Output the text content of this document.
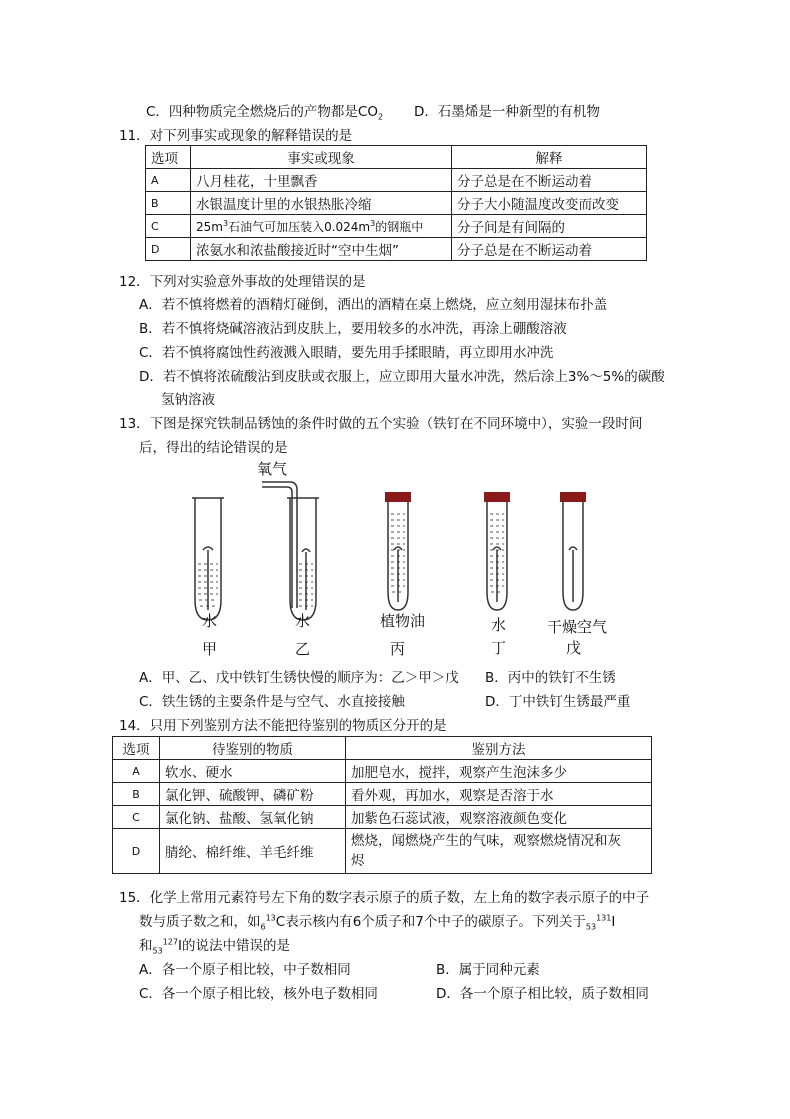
C．四种物质完全燃烧后的产物都是$CO_2$ D．石墨烯是一种新型的有机物
11．对下列事实或现象的解释错误的是
选项	事实或现象	解释
A	八月桂花，十里飘香	分子总是在不断运动着
B	水银温度计里的水银热胀冷缩	分子大小随温度改变而改变
C	$25m^3$石油气可加压装入$0.024m^3$的钢瓶中	分子间是有间隔的
D	浓氨水和浓盐酸接近时“空中生烟”	分子总是在不断运动着
12．下列对实验意外事故的处理错误的是
A．若不慎将燃着的酒精灯碰倒，洒出的酒精在桌上燃烧，应立刻用湿抹布扑盖
B．若不慎将烧碱溶液沾到皮肤上，要用较多的水冲洗，再涂上硼酸溶液
C．若不慎将腐蚀性药液溅入眼睛，要先用手揉眼睛，再立即用水冲洗
D．若不慎将浓硫酸沾到皮肤或衣服上，应立即用大量水冲洗，然后涂上3%～5%的碳酸
氢钠溶液
13．下图是探究铁制品锈蚀的条件时做的五个实验（铁钉在不同环境中），实验一段时间
后，得出的结论错误的是
氧气
水	水	植物油	水	干燥空气
甲	乙	丙	丁	戊
A．甲、乙、戊中铁钉生锈快慢的顺序为：乙＞甲＞戊 B．丙中的铁钉不生锈
C．铁生锈的主要条件是与空气、水直接接触	D．丁中铁钉生锈最严重
14．只用下列鉴别方法不能把待鉴别的物质区分开的是
选项	待鉴别的物质	鉴别方法
A	软水、硬水	加肥皂水，搅拌，观察产生泡沫多少
B	氯化钾、硫酸钾、磷矿粉	看外观，再加水，观察是否溶于水
C	氯化钠、盐酸、氢氧化钠	加紫色石蕊试液，观察溶液颜色变化
D	腈纶、棉纤维、羊毛纤维	燃烧，闻燃烧产生的气味，观察燃烧情况和灰
烬
15．化学上常用元素符号左下角的数字表示原子的质子数，左上角的数字表示原子的中子
数与质子数之和，如$_6^{13}$C表示核内有6个质子和7个中子的碳原子。下列关于$_{53}^{131}$I
和$_{53}^{127}$I的说法中错误的是
A．各一个原子相比较，中子数相同	B．属于同种元素
C．各一个原子相比较，核外电子数相同	D．各一个原子相比较，质子数相同
